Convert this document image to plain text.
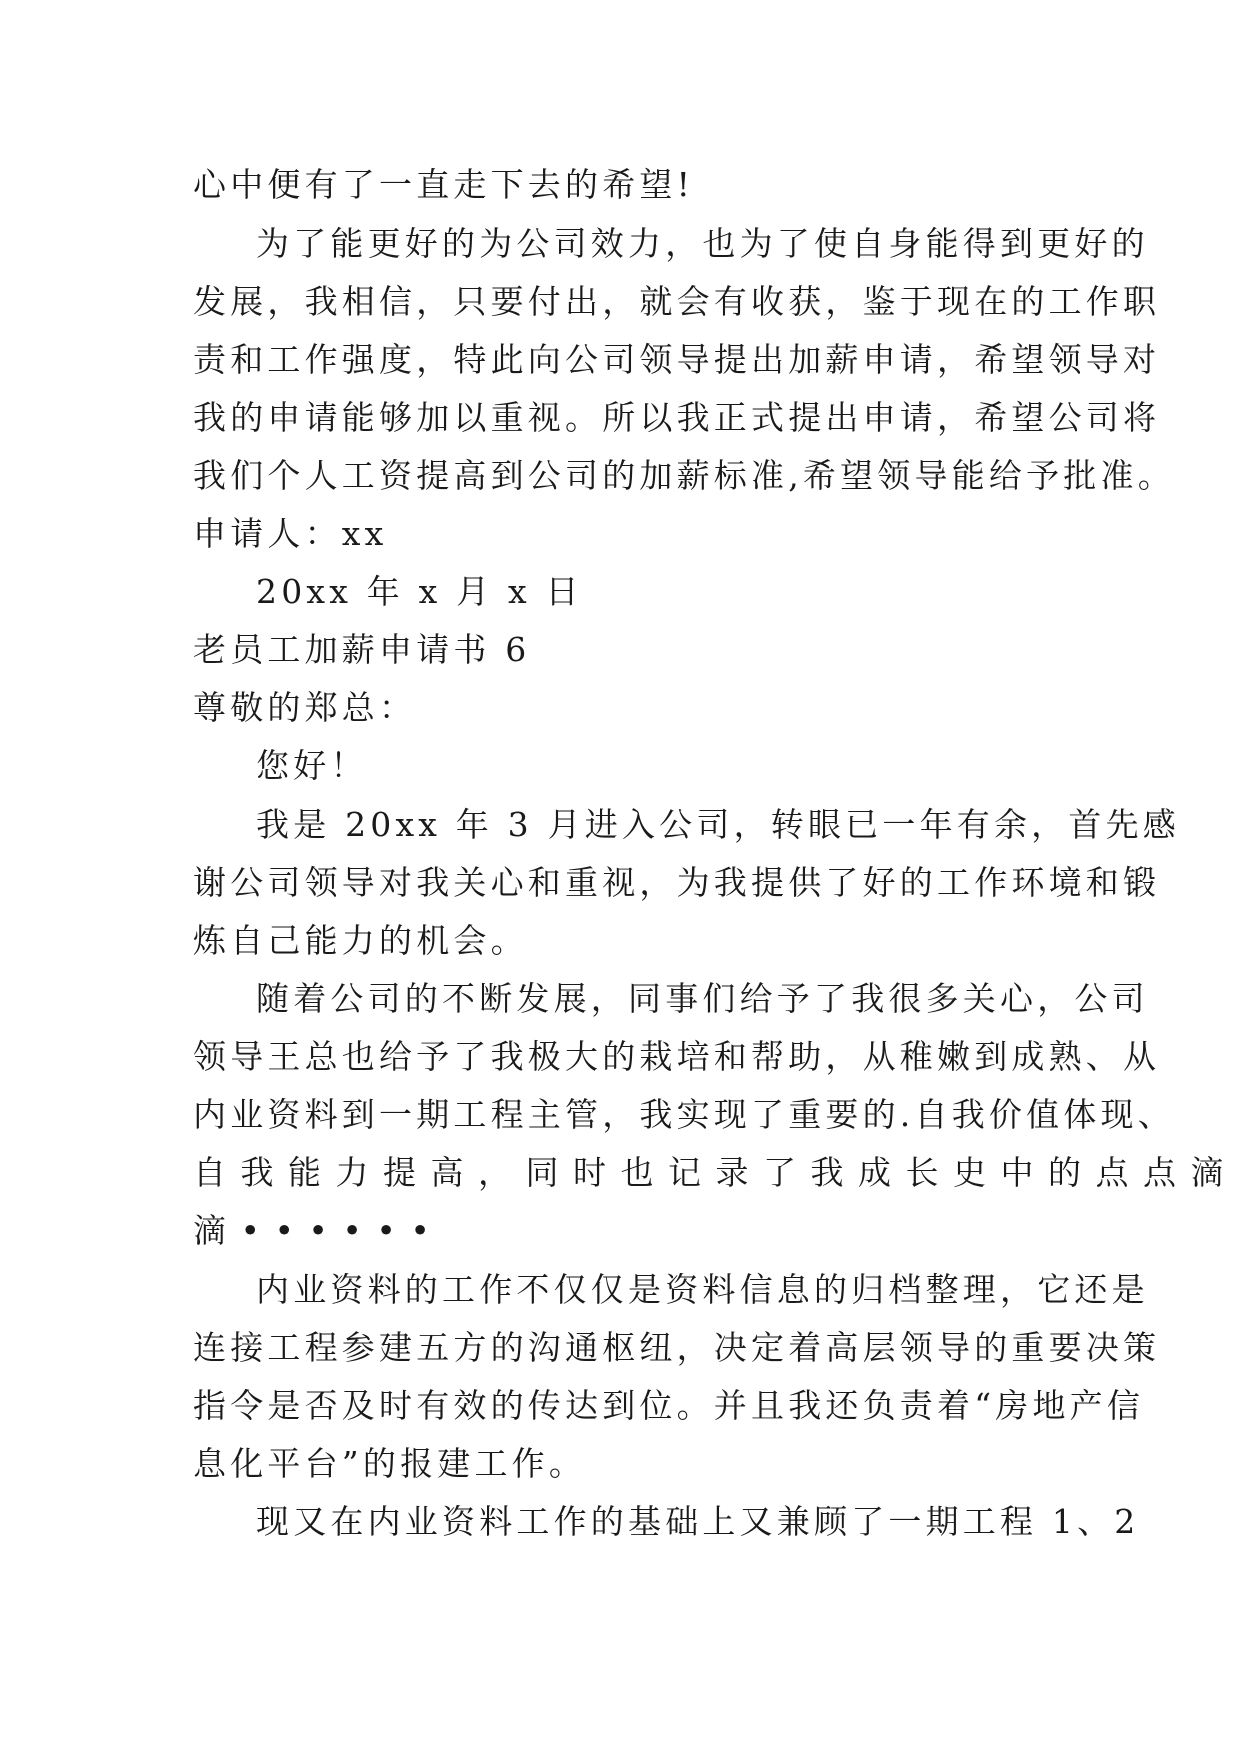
心中便有了一直走下去的希望!
为了能更好的为公司效力，也为了使自身能得到更好的
发展，我相信，只要付出，就会有收获，鉴于现在的工作职
责和工作强度，特此向公司领导提出加薪申请，希望领导对
我的申请能够加以重视。所以我正式提出申请，希望公司将
我们个人工资提高到公司的加薪标准,希望领导能给予批准。
申请人：xx
20xx 年 x 月 x 日
老员工加薪申请书 6
尊敬的郑总：
您好！
我是 20xx 年 3 月进入公司，转眼已一年有余，首先感
谢公司领导对我关心和重视，为我提供了好的工作环境和锻
炼自己能力的机会。
随着公司的不断发展，同事们给予了我很多关心，公司
领导王总也给予了我极大的栽培和帮助，从稚嫩到成熟、从
内业资料到一期工程主管，我实现了重要的.自我价值体现、
自我能力提高，同时也记录了我成长史中的点点滴
滴••••••
内业资料的工作不仅仅是资料信息的归档整理，它还是
连接工程参建五方的沟通枢纽，决定着高层领导的重要决策
指令是否及时有效的传达到位。并且我还负责着“房地产信
息化平台”的报建工作。
现又在内业资料工作的基础上又兼顾了一期工程 1、2
